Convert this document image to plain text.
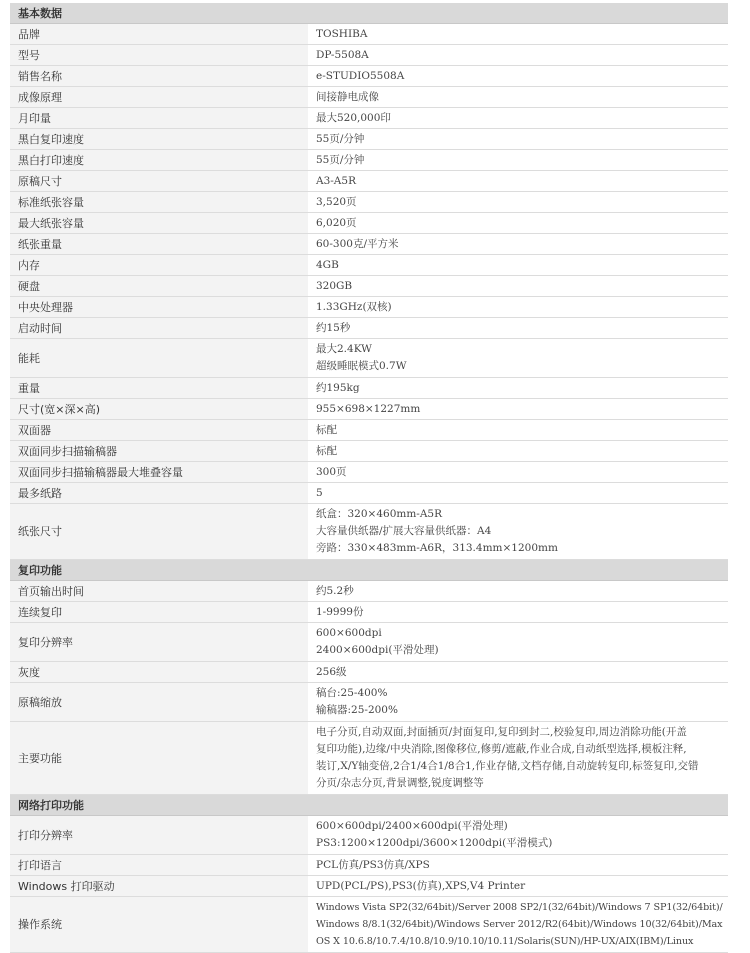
基本数据	
品牌	TOSHIBA

型号	DP-5508A

销售名称	e-STUDIO5508A

成像原理	间接静电成像

月印量	最大520,000印

黑白复印速度	55页/分钟

黑白打印速度	55页/分钟

原稿尺寸	A3-A5R

标准纸张容量	3,520页

最大纸张容量	6,020页

纸张重量	60-300克/平方米

内存	4GB

硬盘	320GB

中央处理器	1.33GHz(双核)

启动时间	约15秒

能耗	最大2.4KW
超级睡眠模式0.7W

重量	约195kg

尺寸(宽×深×高)	955×698×1227mm

双面器	标配

双面同步扫描输稿器	标配

双面同步扫描输稿器最大堆叠容量	300页

最多纸路	5

纸张尺寸	纸盒：320×460mm-A5R
大容量供纸器/扩展大容量供纸器：A4
旁路：330×483mm-A6R，313.4mm×1200mm

复印功能	
首页输出时间	约5.2秒

连续复印	1-9999份

复印分辨率	600×600dpi
2400×600dpi(平滑处理)

灰度	256级

原稿缩放	稿台:25-400%
输稿器:25-200%

主要功能	电子分页,自动双面,封面插页/封面复印,复印到封二,校验复印,周边消除功能(开盖
复印功能),边缘/中央消除,图像移位,修剪/遮蔽,作业合成,自动纸型选择,模板注释,
装订,X/Y轴变倍,2合1/4合1/8合1,作业存储,文档存储,自动旋转复印,标签复印,交错
分页/杂志分页,背景调整,锐度调整等

网络打印功能	
打印分辨率	600×600dpi/2400×600dpi(平滑处理)
PS3:1200×1200dpi/3600×1200dpi(平滑模式)

打印语言	PCL仿真/PS3仿真/XPS

Windows 打印驱动	UPD(PCL/PS),PS3(仿真),XPS,V4 Printer

操作系统	Windows Vista SP2(32/64bit)/Server 2008 SP2/1(32/64bit)/Windows 7 SP1(32/64bit)/
Windows 8/8.1(32/64bit)/Windows Server 2012/R2(64bit)/Windows 10(32/64bit)/Max
OS X 10.6.8/10.7.4/10.8/10.9/10.10/10.11/Solaris(SUN)/HP-UX/AIX(IBM)/Linux
